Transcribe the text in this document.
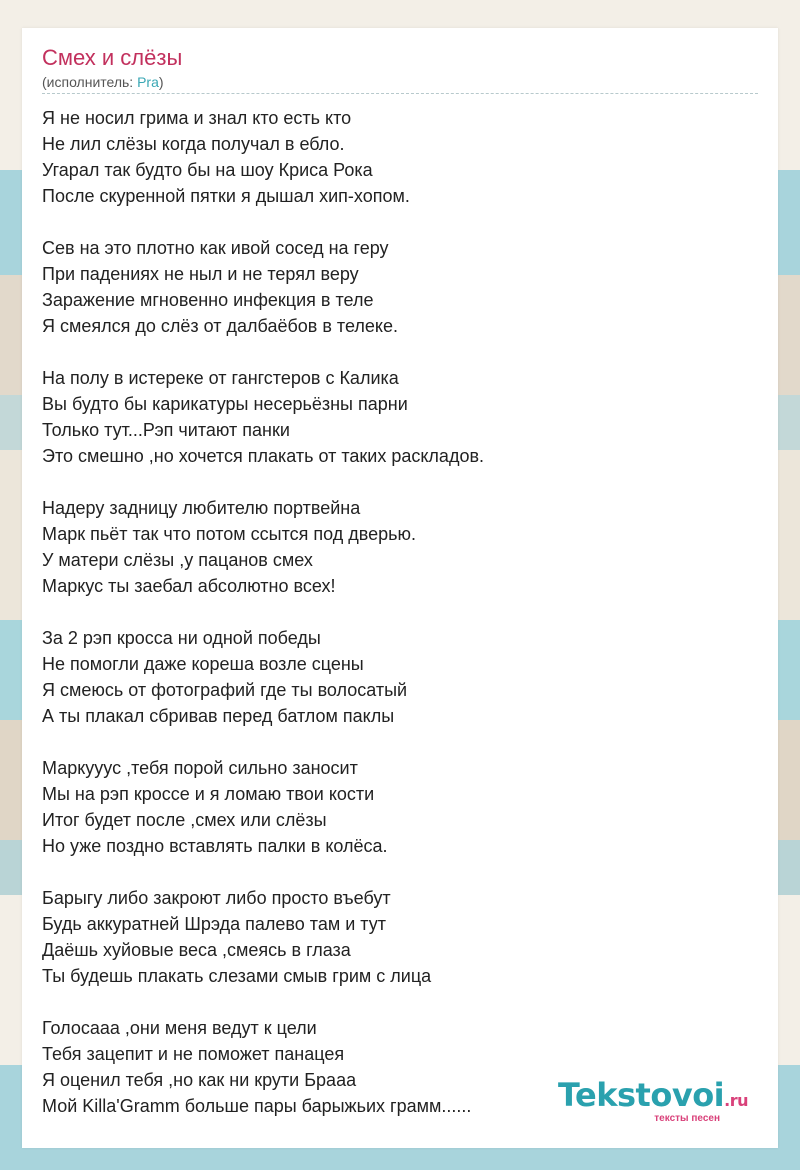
Смех и слёзы
(исполнитель: Pra)
Я не носил грима и знал кто есть кто
Не лил слёзы когда получал в ебло.
Угарал так будто бы на шоу Криса Рока
После скуренной пятки я дышал хип-хопом.
Сев на это плотно как ивой сосед на геру
При падениях не ныл и не терял веру
Заражение мгновенно инфекция в теле
Я смеялся до слёз от далбаёбов в телеке.
На полу в истереке от гангстеров с Калика
Вы будто бы карикатуры несерьёзны парни
Только тут...Рэп читают панки
Это смешно ,но хочется плакать от таких раскладов.
Надеру задницу любителю портвейна
Марк пьёт так что потом ссытся под дверью.
У матери слёзы ,у пацанов смех
Маркус ты заебал абсолютно всех!
За 2 рэп кросса ни одной победы
Не помогли даже кореша возле сцены
Я смеюсь от фотографий где ты волосатый
А ты плакал сбривав перед батлом паклы
Маркууус ,тебя порой сильно заносит
Мы на рэп кроссе и я ломаю твои кости
Итог будет после ,смех или слёзы
Но уже поздно вставлять палки в колёса.
Барыгу либо закроют либо просто въебут
Будь аккуратней Шрэда палево там и тут
Даёшь хуйовые веса ,смеясь в глаза
Ты будешь плакать слезами смыв грим с лица
Голосааа ,они меня ведут к цели
Тебя зацепит и не поможет панацея
Я оценил тебя ,но как ни крути Брааа
Мой Killa'Gramm больше пары барыжьих грамм......	Tekstovoi.ru
тексты песен
